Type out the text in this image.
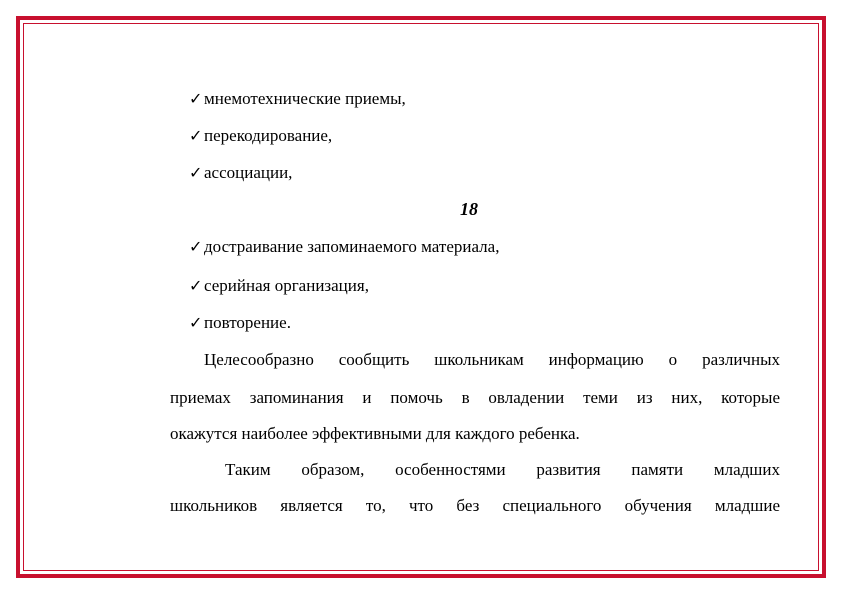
✓мнемотехнические приемы,
✓перекодирование,
✓ассоциации,
18
✓достраивание запоминаемого материала,
✓серийная организация,
✓повторение.
Целесообразно сообщить школьникам информацию о различных
приемах запоминания и помочь в овладении теми из них, которые
окажутся наиболее эффективными для каждого ребенка.
Таким образом, особенностями развития памяти младших
школьников является то, что без специального обучения младшие
